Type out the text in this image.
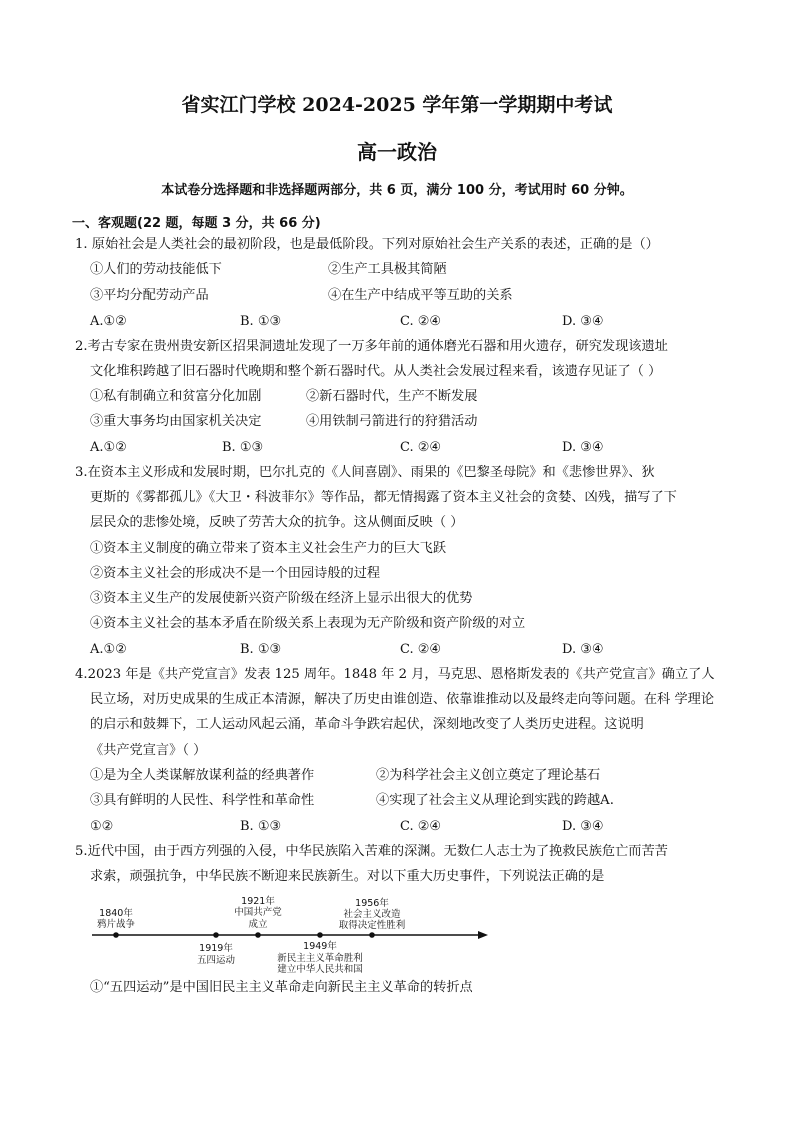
省实江门学校 2024-2025 学年第一学期期中考试
高一政治
本试卷分选择题和非选择题两部分，共 6 页，满分 100 分，考试用时 60 分钟。
一、客观题(22 题，每题 3 分，共 66 分)
1. 原始社会是人类社会的最初阶段，也是最低阶段。下列对原始社会生产关系的表述，正确的是（）
①人们的劳动技能低下	②生产工具极其简陋
③平均分配劳动产品	④在生产中结成平等互助的关系
A.①②	B. ①③	C. ②④	D. ③④
2.考古专家在贵州贵安新区招果洞遗址发现了一万多年前的通体磨光石器和用火遗存，研究发现该遗址
文化堆积跨越了旧石器时代晚期和整个新石器时代。从人类社会发展过程来看，该遗存见证了（ ）
①私有制确立和贫富分化加剧	②新石器时代，生产不断发展
③重大事务均由国家机关决定	④用铁制弓箭进行的狩猎活动
A.①②	B. ①③	C. ②④	D. ③④
3.在资本主义形成和发展时期，巴尔扎克的《人间喜剧》、雨果的《巴黎圣母院》和《悲惨世界》、狄
更斯的《雾都孤儿》《大卫・科波菲尔》等作品，都无情揭露了资本主义社会的贪婪、凶残，描写了下
层民众的悲惨处境，反映了劳苦大众的抗争。这从侧面反映（ ）
①资本主义制度的确立带来了资本主义社会生产力的巨大飞跃
②资本主义社会的形成决不是一个田园诗般的过程
③资本主义生产的发展使新兴资产阶级在经济上显示出很大的优势
④资本主义社会的基本矛盾在阶级关系上表现为无产阶级和资产阶级的对立
A.①②	B. ①③	C. ②④	D. ③④
4.2023 年是《共产党宣言》发表 125 周年。1848 年 2 月，马克思、恩格斯发表的《共产党宣言》确立了人
民立场，对历史成果的生成正本清源，解决了历史由谁创造、依靠谁推动以及最终走向等问题。在科 学理论
的启示和鼓舞下，工人运动风起云涌，革命斗争跌宕起伏，深刻地改变了人类历史进程。这说明
《共产党宣言》（ ）
①是为全人类谋解放谋利益的经典著作	②为科学社会主义创立奠定了理论基石
③具有鲜明的人民性、科学性和革命性	④实现了社会主义从理论到实践的跨越A.
①②	B. ①③	C. ②④	D. ③④
5.近代中国，由于西方列强的入侵，中华民族陷入苦难的深渊。无数仁人志士为了挽救民族危亡而苦苦
求索，顽强抗争，中华民族不断迎来民族新生。对以下重大历史事件，下列说法正确的是
1840年
鸦片战争
1919年
五四运动
1921年
中国共产党
成立
1949年
新民主主义革命胜利
建立中华人民共和国
1956年
社会主义改造
取得决定性胜利
①“五四运动”是中国旧民主主义革命走向新民主主义革命的转折点
